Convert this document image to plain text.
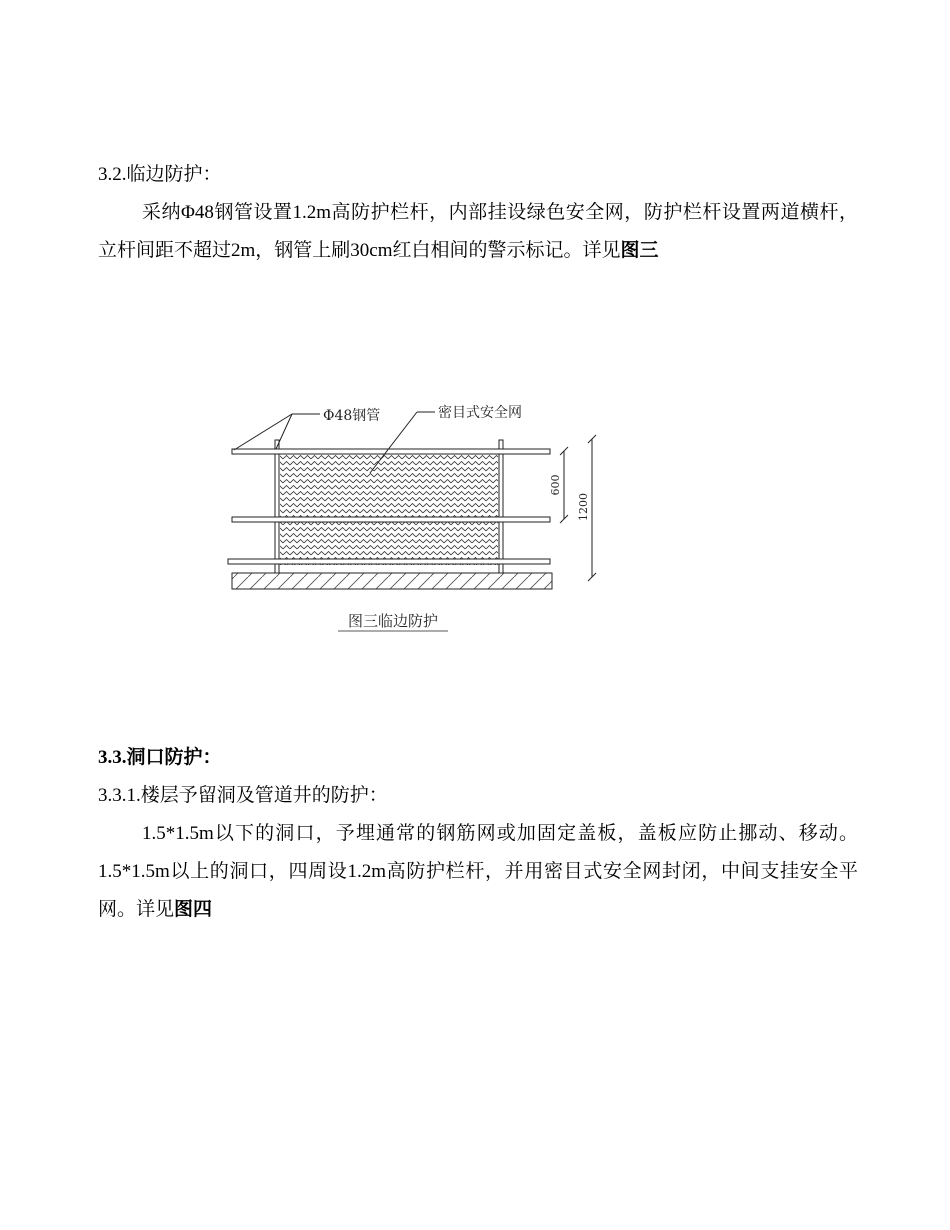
3.2.临边防护：

采纳Φ48钢管设置1.2m高防护栏杆，内部挂设绿色安全网，防护栏杆设置两道横杆，立杆间距不超过2m，钢管上刷30cm红白相间的警示标记。详见图三

Φ48钢管	密目式安全网
600
1200
图三临边防护

3.3.洞口防护：

3.3.1.楼层予留洞及管道井的防护：

1.5*1.5m以下的洞口，予埋通常的钢筋网或加固定盖板，盖板应防止挪动、移动。1.5*1.5m以上的洞口，四周设1.2m高防护栏杆，并用密目式安全网封闭，中间支挂安全平网。详见图四
